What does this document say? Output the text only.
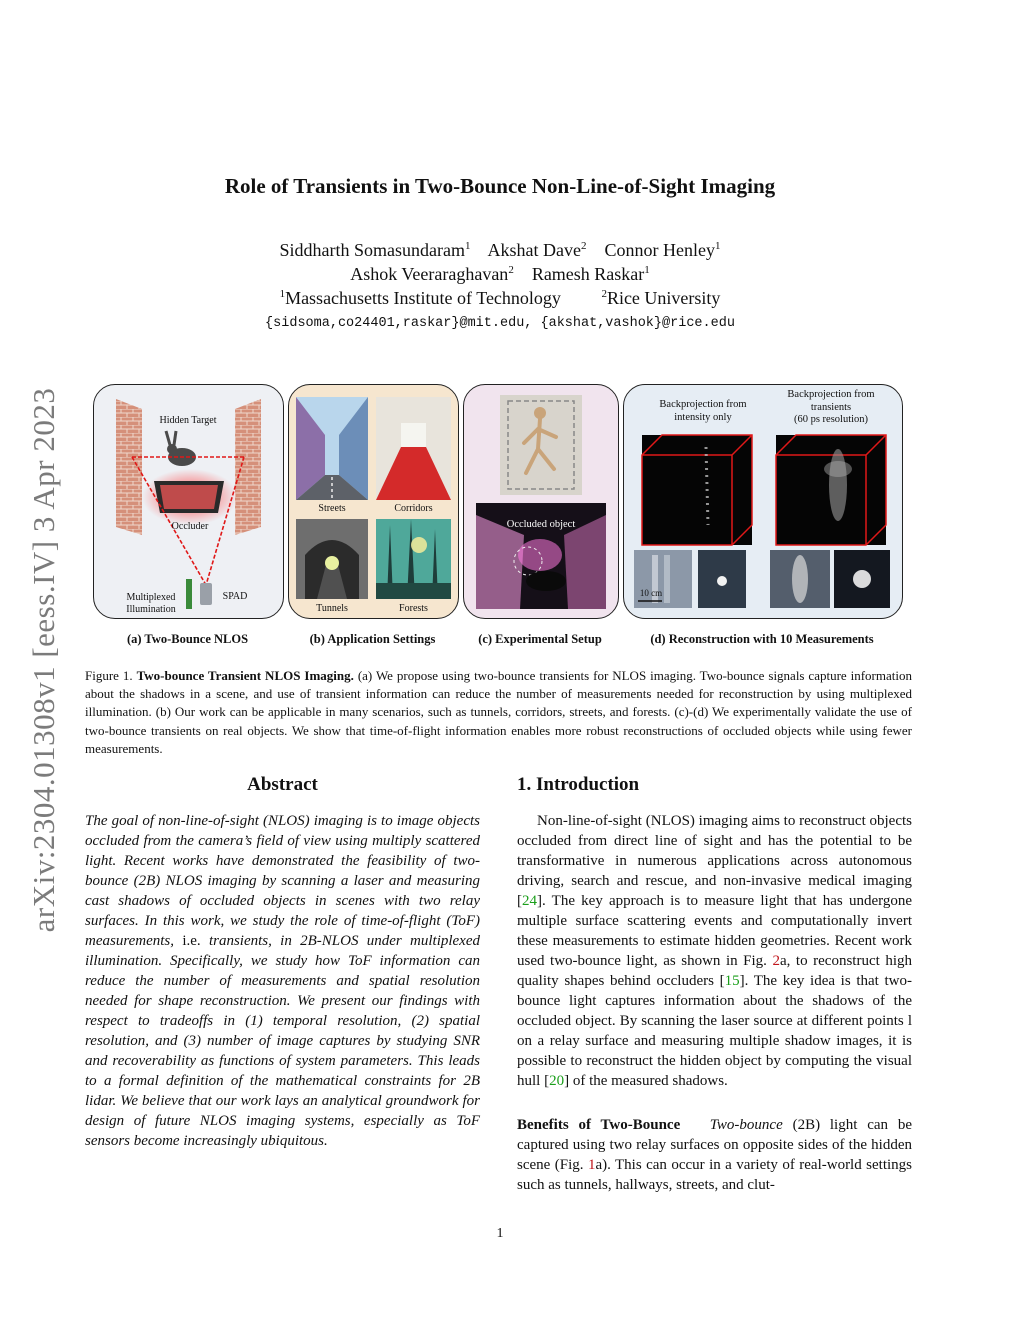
arXiv:2304.01308v1 [eess.IV] 3 Apr 2023
Role of Transients in Two-Bounce Non-Line-of-Sight Imaging
Siddharth Somasundaram$^1$ Akshat Dave$^2$ Connor Henley$^1$
Ashok Veeraraghavan$^2$ Ramesh Raskar$^1$
$^1$Massachusetts Institute of Technology	$^2$Rice University
{sidsoma,co24401,raskar}@mit.edu, {akshat,vashok}@rice.edu
Hidden Target
Occluder
Multiplexed
Illumination
SPAD
(a) Two-Bounce NLOS
Streets	Corridors
Tunnels	Forests
(b) Application Settings
Occluded object
(c) Experimental Setup
Backprojection from
intensity only
Backprojection from
transients
(60 ps resolution)
10 cm
(d) Reconstruction with 10 Measurements
Figure 1. Two-bounce Transient NLOS Imaging. (a) We propose using two-bounce transients for NLOS imaging. Two-bounce signals capture information about the shadows in a scene, and use of transient information can reduce the number of measurements needed for reconstruction by using multiplexed illumination. (b) Our work can be applicable in many scenarios, such as tunnels, corridors, streets, and forests. (c)-(d) We experimentally validate the use of two-bounce transients on real objects. We show that time-of-flight information enables more robust reconstructions of occluded objects while using fewer measurements.
Abstract

The goal of non-line-of-sight (NLOS) imaging is to image objects occluded from the camera’s field of view using multiply scattered light. Recent works have demonstrated the feasibility of two-bounce (2B) NLOS imaging by scanning a laser and measuring cast shadows of occluded objects in scenes with two relay surfaces. In this work, we study the role of time-of-flight (ToF) measurements, i.e. transients, in 2B-NLOS under multiplexed illumination. Specifically, we study how ToF information can reduce the number of measurements and spatial resolution needed for shape reconstruction. We present our findings with respect to tradeoffs in (1) temporal resolution, (2) spatial resolution, and (3) number of image captures by studying SNR and recoverability as functions of system parameters. This leads to a formal definition of the mathematical constraints for 2B lidar. We believe that our work lays an analytical groundwork for design of future NLOS imaging systems, especially as ToF sensors become increasingly ubiquitous.

1. Introduction

Non-line-of-sight (NLOS) imaging aims to reconstruct objects occluded from direct line of sight and has the potential to be transformative in numerous applications across autonomous driving, search and rescue, and non-invasive medical imaging [24]. The key approach is to measure light that has undergone multiple surface scattering events and computationally invert these measurements to estimate hidden geometries. Recent work used two-bounce light, as shown in Fig. 2a, to reconstruct high quality shapes behind occluders [15]. The key idea is that two-bounce light captures information about the shadows of the occluded object. By scanning the laser source at different points l on a relay surface and measuring multiple shadow images, it is possible to reconstruct the hidden object by computing the visual hull [20] of the measured shadows.

Benefits of Two-Bounce Two-bounce (2B) light can be captured using two relay surfaces on opposite sides of the hidden scene (Fig. 1a). This can occur in a variety of real-world settings such as tunnels, hallways, streets, and clut-

1
